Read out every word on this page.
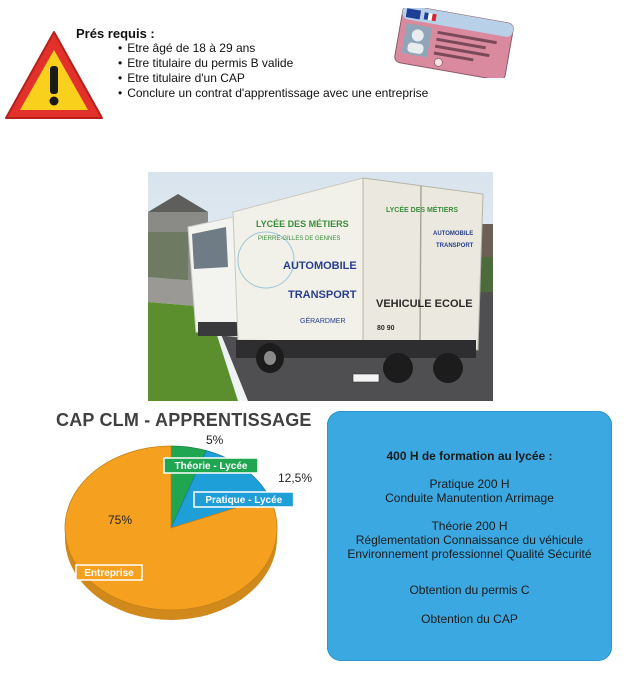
Prés requis :
• Etre âgé de 18 à 29 ans
• Etre titulaire du permis B valide
• Etre titulaire d'un CAP
• Conclure un contrat d'apprentissage avec une entreprise
LYCÉE DES MÉTIERS
PIERRE-GILLES DE GENNES
AUTOMOBILE
TRANSPORT
GÉRARDMER
LYCÉE DES MÉTIERS
AUTOMOBILE
TRANSPORT
VEHICULE ECOLE
80 90
CAP CLM - APPRENTISSAGE
Théorie - Lycée
5%
Pratique - Lycée
12,5%
Entreprise
75%
400 H de formation au lycée :
Pratique 200 H
Conduite Manutention Arrimage
Théorie 200 H
Réglementation Connaissance du véhicule
Environnement professionnel Qualité Sécurité
Obtention du permis C
Obtention du CAP
